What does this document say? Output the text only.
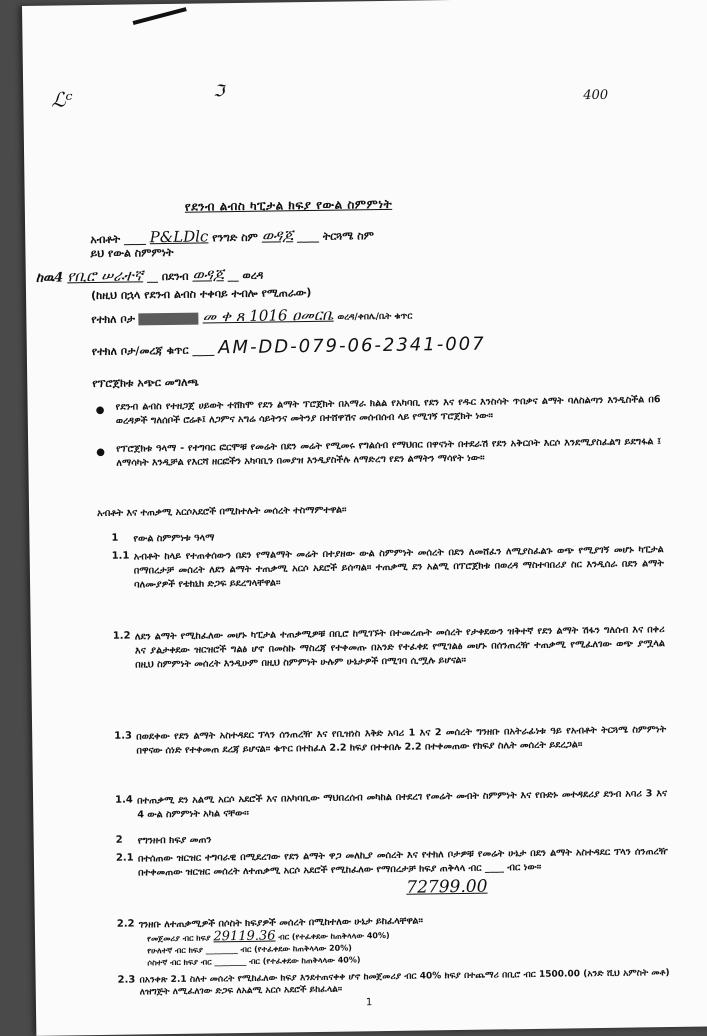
ℒᶜ	ℑ	400
የደንብ ልብስ ካፒታል ክፍያ የውል ስምምነት
አብቶት ____ P&LDlc የንግድ ስም ወዳጆ ____ ትርጓሜ ስም
ይህ የውል ስምምነት
ከዉ4 የቢሮ ሠራተኛ __ በደንብ ወዳጆ __ ወረዳ
(ከዚህ በኋላ የደንብ ልብስ ተቀባይ ተብሎ የሚጠራው)
የተክለ ቦታ	መ ቀ ጸ 1016 ዐመርቤ ወረዳ/ቀበሌ/ቤት ቁጥር
የተክለ ቦታ/መረጃ ቁጥር ____ AM-DD-079-06-2341-007
የፕሮጀክቱ አጭር መግለጫ
● የደንብ ልብስ የተዘጋጀ ሀይወት ተሸክሞ የደን ልማት ፕሮጀክት በአማራ ክልል የአካባቢ የደን እና የዱር እንስሳት ጥበቃና ልማት ባለስልጣን እንዲስችል በ6 ወረዳዎች ግለሰቦች ሮሬቶ፤ ለጋምና አግሬ ሳይትንና መትንያ በተሸዋሽና መሰብሰብ ላይ የሚገኝ ፕሮጀክት ነው፡፡
● የፕሮጀክቱ ዓላማ - የተግባር ፎርሞቹ የመሬት በደን መሬት የሚመሩ የግልሰብ የማህበር በዋናነት በተደራሽ የደን አቅርቦት እርሶ እንደሚያስፈልግ ይደግፋል ፤ ለማሳካት እንዲቻል የእርሻ ዘርፎችን አካባቢን በመያዝ እንዲያስችሉ ለማድረግ የደን ልማትን ማሳየት ነው፡፡
አብቶት እና ተጠቃሚ አርሶአደሮች በሚከተሉት መሰረት ተስማምተዋል፡፡
1 የውል ስምምነቱ ዓላማ
1.1 አብቶት ከላይ የተጠቀሰውን በደን የማልማት መሬት በተያዘው ውል ስምምነት መሰረት በደን ለመሸፈን ለሚያስፈልጉ ወጭ የሚያገኝ መሆኑ ካፒታል በማበረታቻ መሰረት ለደን ልማት ተጠቃሚ አርሶ አደሮች ይሰጣል፡፡ ተጠቃሚ ደን አልሚ በፕሮጀክቱ በወረዳ ማስተባበሪያ ስር እንዲሰራ በደን ልማት ባለሙያዎች የቴክኒክ ድጋፍ ይደረግላቸዋል፡፡
1.2 ለደን ልማት የሚከፈለው መሆኑ ካፒታል ተጠቃሚዎቹ በቢሮ ከሚገኙት በተመረጡት መሰረት የታቀደውን ዝቅተኛ የደን ልማት ሽፋን ግለሰብ እና በቀሪ እና ያልታቀደው ዝርዝሮች ግልፅ ሆኖ በመስኩ ማስረጃ የተቀመጡ በአንድ የተፈቀደ የሚገልፅ መሆኑ በሰንጠረዥ ተጠቃሚ የሚፈለገው ወጭ ያሟላል በዚህ ስምምነት መሰረት እንዲሁም በዚህ ስምምነት ሁሉም ሁኔታዎች በሚገባ ሲሟሉ ይሆናል፡፡
1.3 በወደቀው የደን ልማት አስተዳደር ፕላን ሰንጠረዥ እና የቢዝነስ እቅድ አባሪ 1 እና 2 መሰረት ግንዘቡ በአትራፊነቱ ዓይ የአብቶት ትርጓሜ ስምምነት በዋናው ሰነድ የተቀመጠ ደረጃ ይሆናል፡፡ ቁጥር በተከፈለ 2.2 ክፍያ በተቀበሉ 2.2 በተቀመጠው የክፍያ ስሌት መሰረት ይደረጋል፡፡
1.4 በተጠቃሚ ደን አልሚ አርሶ አደሮች እና በአካባቢው ማህበረሰብ መካከል በተደረገ የመሬት መብት ስምምነት እና የቡድኑ መተዳደሪያ ደንብ አባሪ 3 እና 4 ውል ስምምነት አካል ናቸው፡፡
2 የግንዘብ ክፍያ መጠን
2.1 በተሰጠው ዝርዝር ተግባራዊ በሚደረገው የደን ልማት ዋጋ መለኪያ መሰረት እና የተክለ ቦታዎቹ የመሬት ሁኔታ በደን ልማት አስተዳደር ፕላን ሰንጠረዥ በተቀመጠው ዝርዝር መሰረት ለተጠቃሚ አርሶ አደሮች የሚከፈለው የማበረታቻ ክፍያ ጠቅላላ ብር ____ ብር ነው፡፡
72799.00
2.2 ገንዘቡ ለተጠቃሚዎች በሶስት ክፍያዎች መሰረት በሚከተለው ሁኔታ ይከፈላቸዋል፡፡
የመጀመሪያ ብር ክፍያ 29119.36 ብር (የተፈቀደው ከጠቅላላው 40%)
የሁለተኛ ብር ክፍያ ________ ብር (የተፈቀደው ከጠቅላላው 20%)
ሶስተኛ ብር ክፍያ ብር ________ ብር (የተፈቀደው ከጠቅላላው 40%)
2.3 በአንቀጽ 2.1 ስለተ መሰረት የሚከፈለው ክፍያ እንደተጠናቀቀ ሆኖ ከመጀመሪያ ብር 40% ክፍያ በተጨማሪ በቢሮ ብር 1500.00 (አንድ ሺህ አምስት መቶ) ለዝግጅት ለሚፈለገው ድጋፍ ለአልሚ አርሶ አደሮች ይከፈላል፡፡
1
